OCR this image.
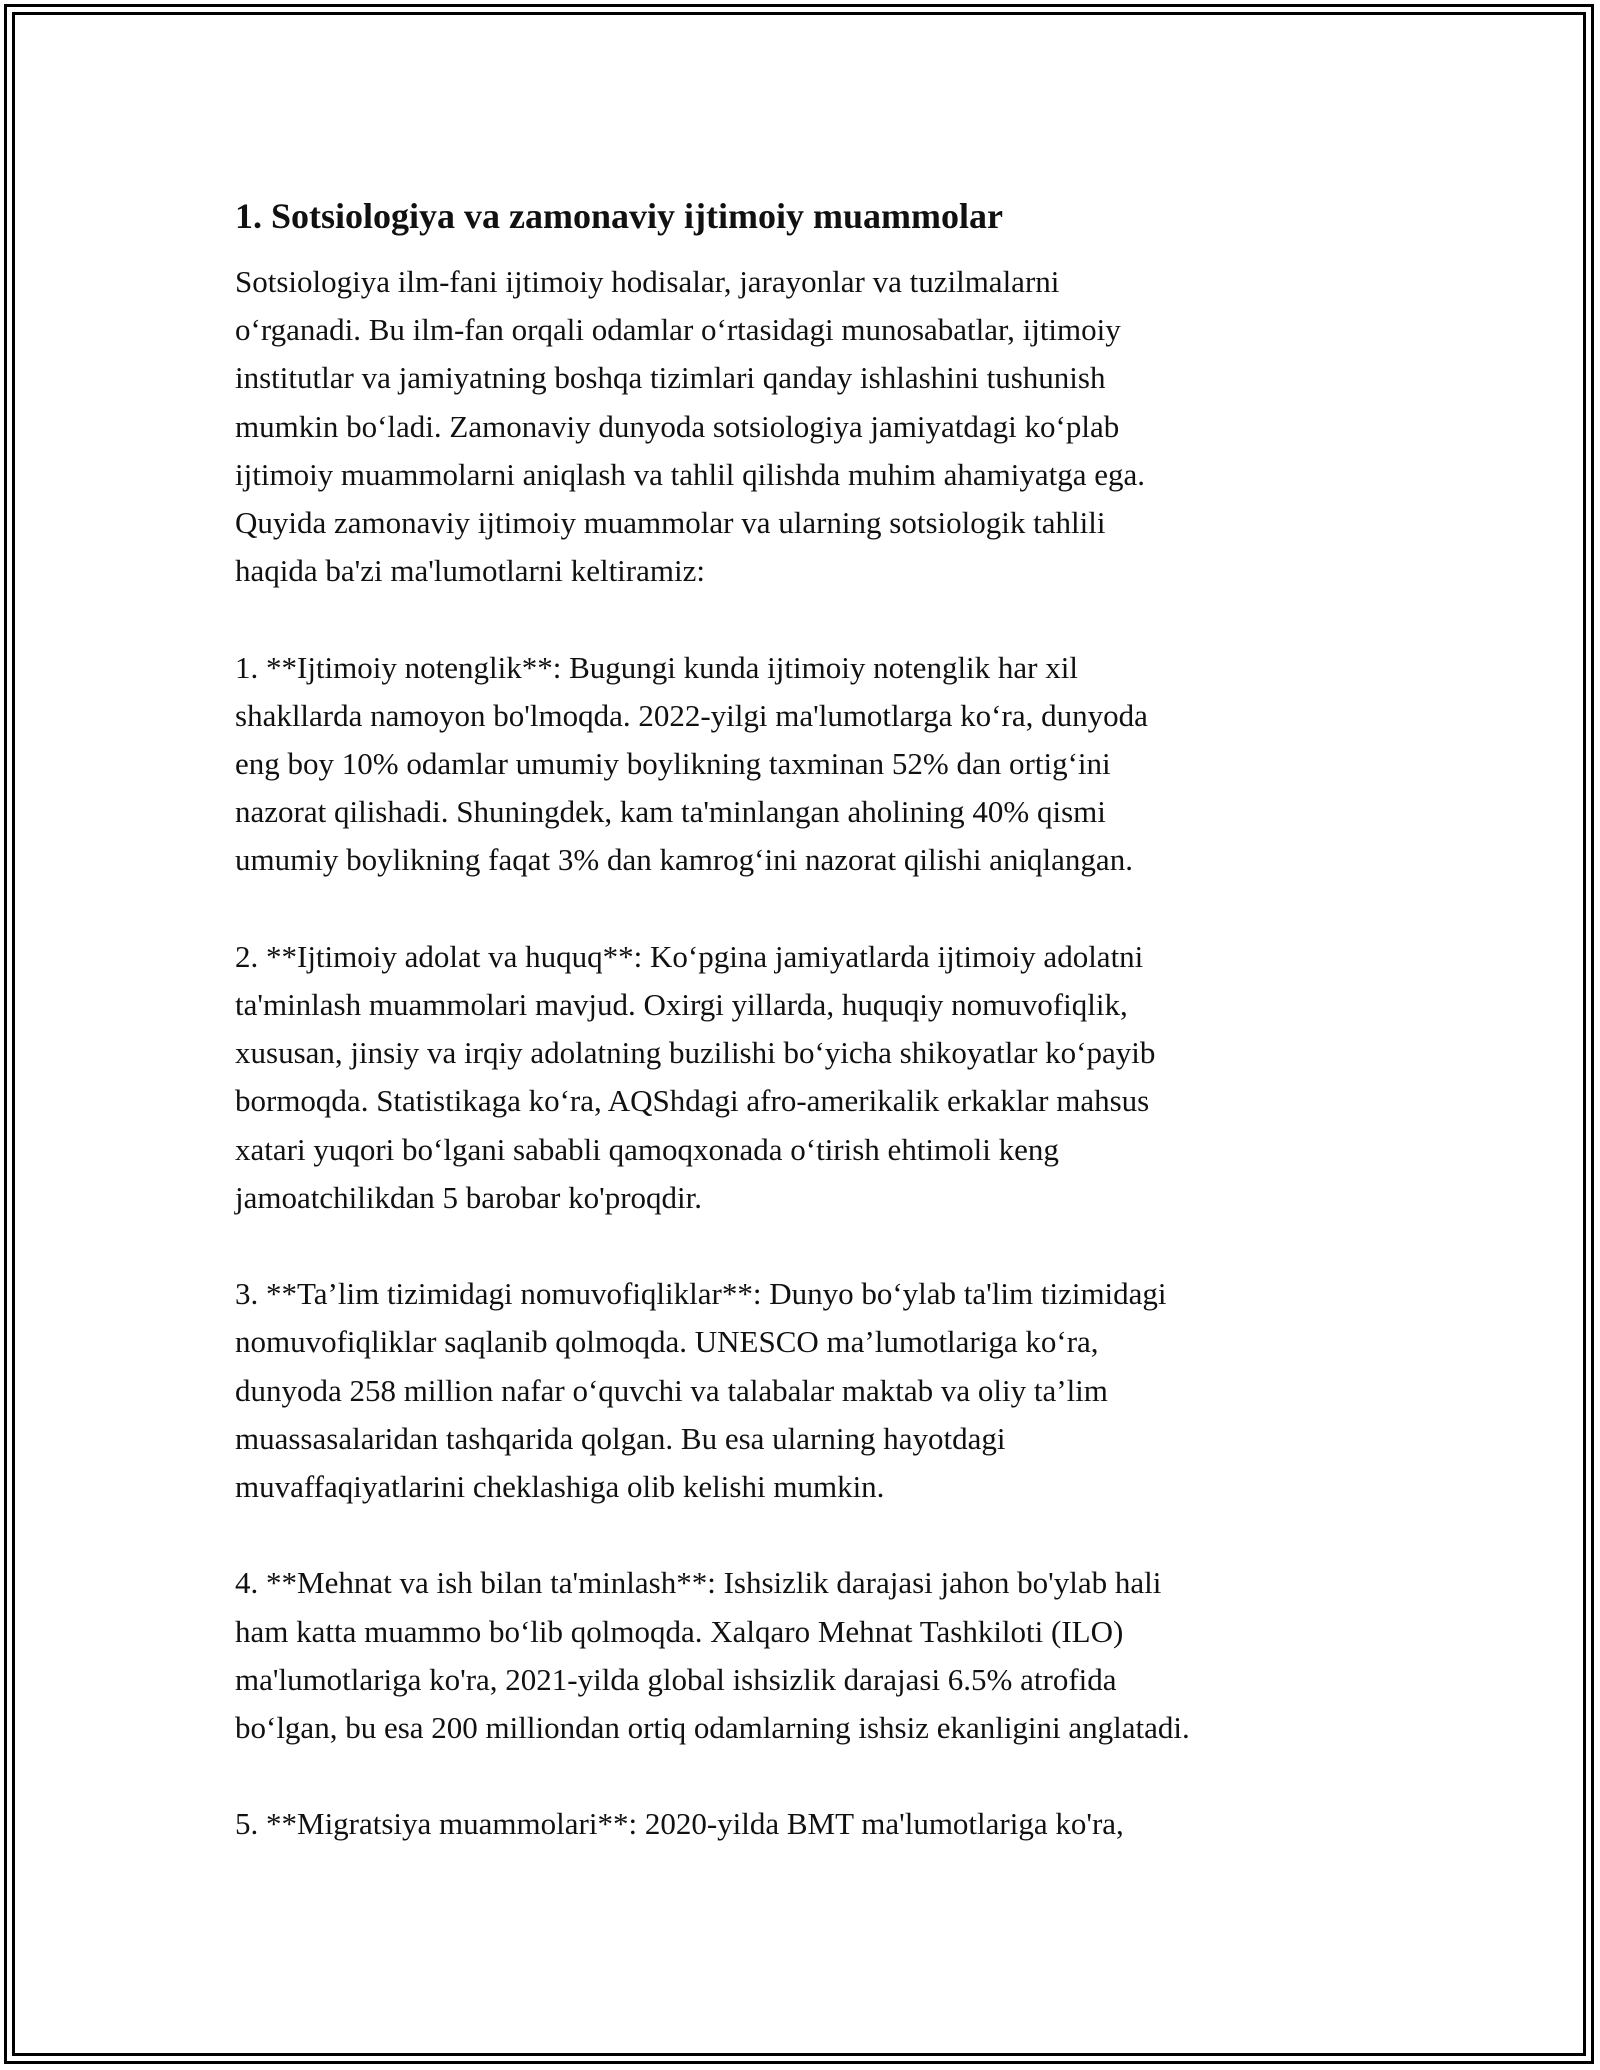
1. Sotsiologiya va zamonaviy ijtimoiy muammolar

Sotsiologiya ilm-fani ijtimoiy hodisalar, jarayonlar va tuzilmalarni
o‘rganadi. Bu ilm-fan orqali odamlar o‘rtasidagi munosabatlar, ijtimoiy
institutlar va jamiyatning boshqa tizimlari qanday ishlashini tushunish
mumkin bo‘ladi. Zamonaviy dunyoda sotsiologiya jamiyatdagi ko‘plab
ijtimoiy muammolarni aniqlash va tahlil qilishda muhim ahamiyatga ega.
Quyida zamonaviy ijtimoiy muammolar va ularning sotsiologik tahlili
haqida ba'zi ma'lumotlarni keltiramiz:

1. **Ijtimoiy notenglik**: Bugungi kunda ijtimoiy notenglik har xil
shakllarda namoyon bo'lmoqda. 2022-yilgi ma'lumotlarga ko‘ra, dunyoda
eng boy 10% odamlar umumiy boylikning taxminan 52% dan ortig‘ini
nazorat qilishadi. Shuningdek, kam ta'minlangan aholining 40% qismi
umumiy boylikning faqat 3% dan kamrog‘ini nazorat qilishi aniqlangan.

2. **Ijtimoiy adolat va huquq**: Ko‘pgina jamiyatlarda ijtimoiy adolatni
ta'minlash muammolari mavjud. Oxirgi yillarda, huquqiy nomuvofiqlik,
xususan, jinsiy va irqiy adolatning buzilishi bo‘yicha shikoyatlar ko‘payib
bormoqda. Statistikaga ko‘ra, AQShdagi afro-amerikalik erkaklar mahsus
xatari yuqori bo‘lgani sababli qamoqxonada o‘tirish ehtimoli keng
jamoatchilikdan 5 barobar ko'proqdir.

3. **Ta’lim tizimidagi nomuvofiqliklar**: Dunyo bo‘ylab ta'lim tizimidagi
nomuvofiqliklar saqlanib qolmoqda. UNESCO ma’lumotlariga ko‘ra,
dunyoda 258 million nafar o‘quvchi va talabalar maktab va oliy ta’lim
muassasalaridan tashqarida qolgan. Bu esa ularning hayotdagi
muvaffaqiyatlarini cheklashiga olib kelishi mumkin.

4. **Mehnat va ish bilan ta'minlash**: Ishsizlik darajasi jahon bo'ylab hali
ham katta muammo bo‘lib qolmoqda. Xalqaro Mehnat Tashkiloti (ILO)
ma'lumotlariga ko'ra, 2021-yilda global ishsizlik darajasi 6.5% atrofida
bo‘lgan, bu esa 200 milliondan ortiq odamlarning ishsiz ekanligini anglatadi.

5. **Migratsiya muammolari**: 2020-yilda BMT ma'lumotlariga ko'ra,
